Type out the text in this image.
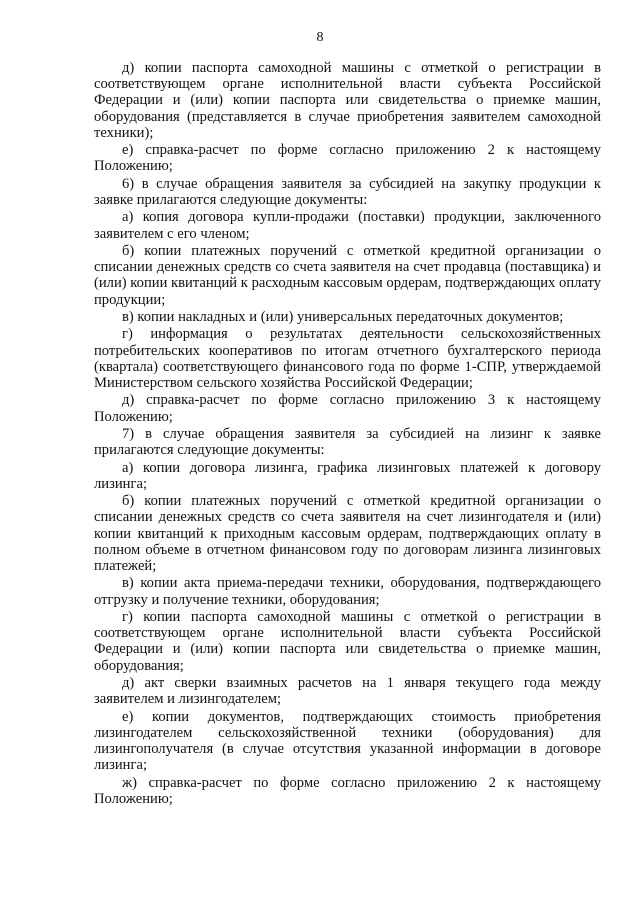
8

д) копии паспорта самоходной машины с отметкой о регистрации в соответствующем органе исполнительной власти субъекта Российской Федерации и (или) копии паспорта или свидетельства о приемке машин, оборудования (представляется в случае приобретения заявителем самоходной техники);

е) справка-расчет по форме согласно приложению 2 к настоящему Положению;

6) в случае обращения заявителя за субсидией на закупку продукции к заявке прилагаются следующие документы:

а) копия договора купли-продажи (поставки) продукции, заключенного заявителем с его членом;

б) копии платежных поручений с отметкой кредитной организации о списании денежных средств со счета заявителя на счет продавца (поставщика) и (или) копии квитанций к расходным кассовым ордерам, подтверждающих оплату продукции;

в) копии накладных и (или) универсальных передаточных документов;

г) информация о результатах деятельности сельскохозяйственных потребительских кооперативов по итогам отчетного бухгалтерского периода (квартала) соответствующего финансового года по форме 1-СПР, утверждаемой Министерством сельского хозяйства Российской Федерации;

д) справка-расчет по форме согласно приложению 3 к настоящему Положению;

7) в случае обращения заявителя за субсидией на лизинг к заявке прилагаются следующие документы:

а) копии договора лизинга, графика лизинговых платежей к договору лизинга;

б) копии платежных поручений с отметкой кредитной организации о списании денежных средств со счета заявителя на счет лизингодателя и (или) копии квитанций к приходным кассовым ордерам, подтверждающих оплату в полном объеме в отчетном финансовом году по договорам лизинга лизинговых платежей;

в) копии акта приема-передачи техники, оборудования, подтверждающего отгрузку и получение техники, оборудования;

г) копии паспорта самоходной машины с отметкой о регистрации в соответствующем органе исполнительной власти субъекта Российской Федерации и (или) копии паспорта или свидетельства о приемке машин, оборудования;

д) акт сверки взаимных расчетов на 1 января текущего года между заявителем и лизингодателем;

е) копии документов, подтверждающих стоимость приобретения лизингодателем сельскохозяйственной техники (оборудования) для лизингополучателя (в случае отсутствия указанной информации в договоре лизинга;

ж) справка-расчет по форме согласно приложению 2 к настоящему Положению;
